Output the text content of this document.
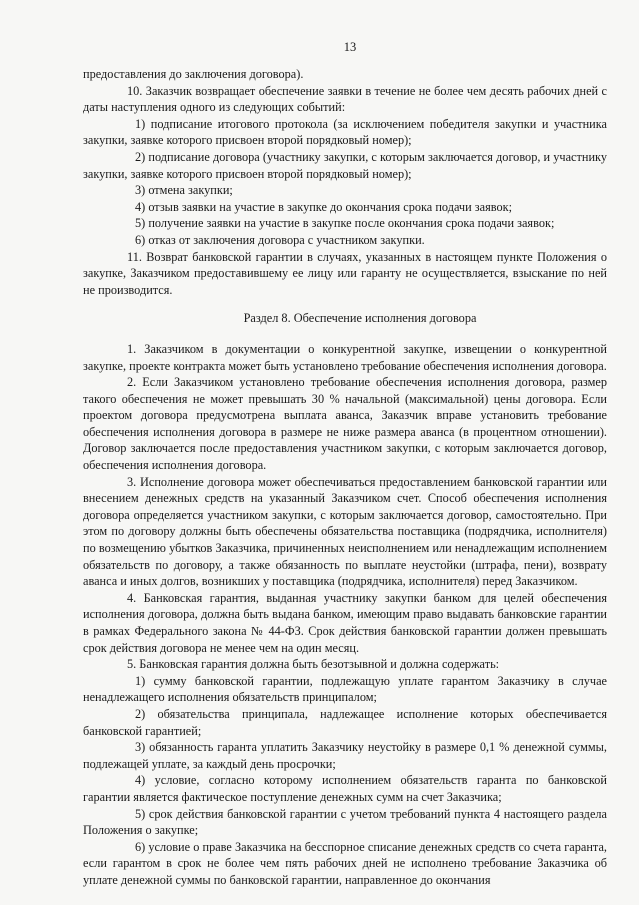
13

предоставления до заключения договора).

10. Заказчик возвращает обеспечение заявки в течение не более чем десять рабочих дней с даты наступления одного из следующих событий:

1) подписание итогового протокола (за исключением победителя закупки и участника закупки, заявке которого присвоен второй порядковый номер);

2) подписание договора (участнику закупки, с которым заключается договор, и участнику закупки, заявке которого присвоен второй порядковый номер);

3) отмена закупки;

4) отзыв заявки на участие в закупке до окончания срока подачи заявок;

5) получение заявки на участие в закупке после окончания срока подачи заявок;

6) отказ от заключения договора с участником закупки.

11. Возврат банковской гарантии в случаях, указанных в настоящем пункте Положения о закупке, Заказчиком предоставившему ее лицу или гаранту не осуществляется, взыскание по ней не производится.

Раздел 8. Обеспечение исполнения договора

1. Заказчиком в документации о конкурентной закупке, извещении о конкурентной закупке, проекте контракта может быть установлено требование обеспечения исполнения договора.

2. Если Заказчиком установлено требование обеспечения исполнения договора, размер такого обеспечения не может превышать 30 % начальной (максимальной) цены договора. Если проектом договора предусмотрена выплата аванса, Заказчик вправе установить требование обеспечения исполнения договора в размере не ниже размера аванса (в процентном отношении). Договор заключается после предоставления участником закупки, с которым заключается договор, обеспечения исполнения договора.

3. Исполнение договора может обеспечиваться предоставлением банковской гарантии или внесением денежных средств на указанный Заказчиком счет. Способ обеспечения исполнения договора определяется участником закупки, с которым заключается договор, самостоятельно. При этом по договору должны быть обеспечены обязательства поставщика (подрядчика, исполнителя) по возмещению убытков Заказчика, причиненных неисполнением или ненадлежащим исполнением обязательств по договору, а также обязанность по выплате неустойки (штрафа, пени), возврату аванса и иных долгов, возникших у поставщика (подрядчика, исполнителя) перед Заказчиком.

4. Банковская гарантия, выданная участнику закупки банком для целей обеспечения исполнения договора, должна быть выдана банком, имеющим право выдавать банковские гарантии в рамках Федерального закона № 44-ФЗ. Срок действия банковской гарантии должен превышать срок действия договора не менее чем на один месяц.

5. Банковская гарантия должна быть безотзывной и должна содержать:

1) сумму банковской гарантии, подлежащую уплате гарантом Заказчику в случае ненадлежащего исполнения обязательств принципалом;

2) обязательства принципала, надлежащее исполнение которых обеспечивается банковской гарантией;

3) обязанность гаранта уплатить Заказчику неустойку в размере 0,1 % денежной суммы, подлежащей уплате, за каждый день просрочки;

4) условие, согласно которому исполнением обязательств гаранта по банковской гарантии является фактическое поступление денежных сумм на счет Заказчика;

5) срок действия банковской гарантии с учетом требований пункта 4 настоящего раздела Положения о закупке;

6) условие о праве Заказчика на бесспорное списание денежных средств со счета гаранта, если гарантом в срок не более чем пять рабочих дней не исполнено требование Заказчика об уплате денежной суммы по банковской гарантии, направленное до окончания
